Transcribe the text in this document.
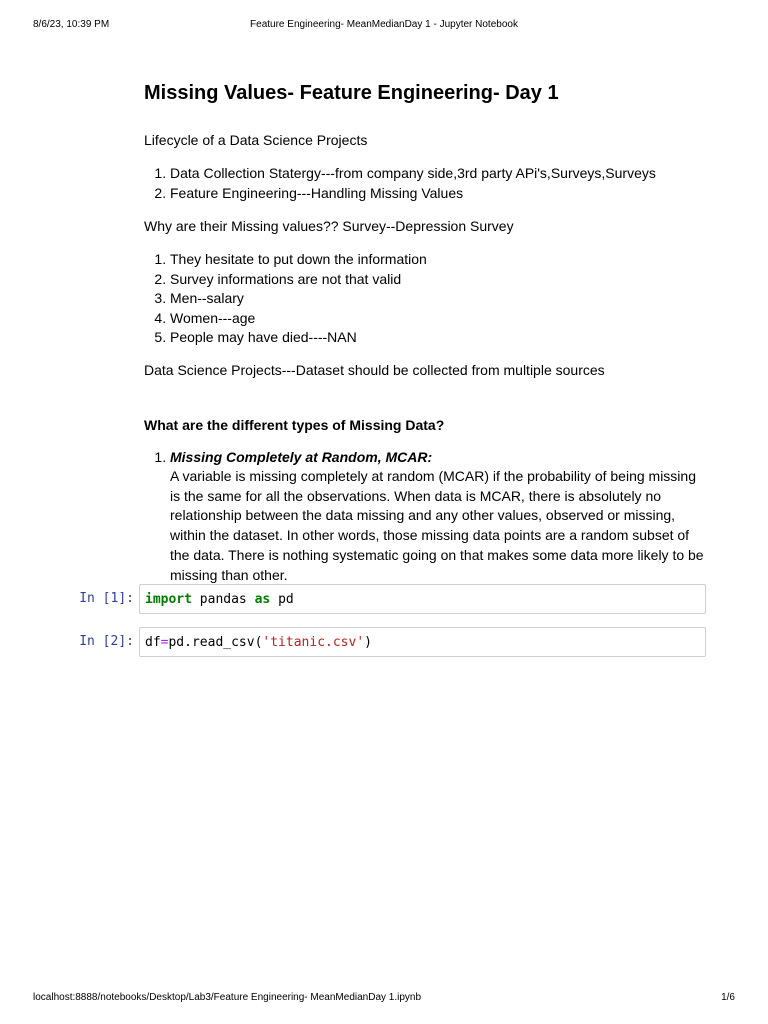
Feature Engineering- MeanMedianDay 1 - Jupyter Notebook
8/6/23, 10:39 PM
Missing Values- Feature Engineering- Day 1

Lifecycle of a Data Science Projects

1. Data Collection Statergy---from company side,3rd party APi's,Surveys,Surveys
2. Feature Engineering---Handling Missing Values

Why are their Missing values?? Survey--Depression Survey

1. They hesitate to put down the information
2. Survey informations are not that valid
3. Men--salary
4. Women---age
5. People may have died----NAN

Data Science Projects---Dataset should be collected from multiple sources

What are the different types of Missing Data?

1. Missing Completely at Random, MCAR:
A variable is missing completely at random (MCAR) if the probability of being missing is the same for all the observations. When data is MCAR, there is absolutely no relationship between the data missing and any other values, observed or missing, within the dataset. In other words, those missing data points are a random subset of the data. There is nothing systematic going on that makes some data more likely to be missing than other.
In [1]: import pandas as pd
In [2]: df=pd.read_csv('titanic.csv')
localhost:8888/notebooks/Desktop/Lab3/Feature Engineering- MeanMedianDay 1.ipynb	1/6
